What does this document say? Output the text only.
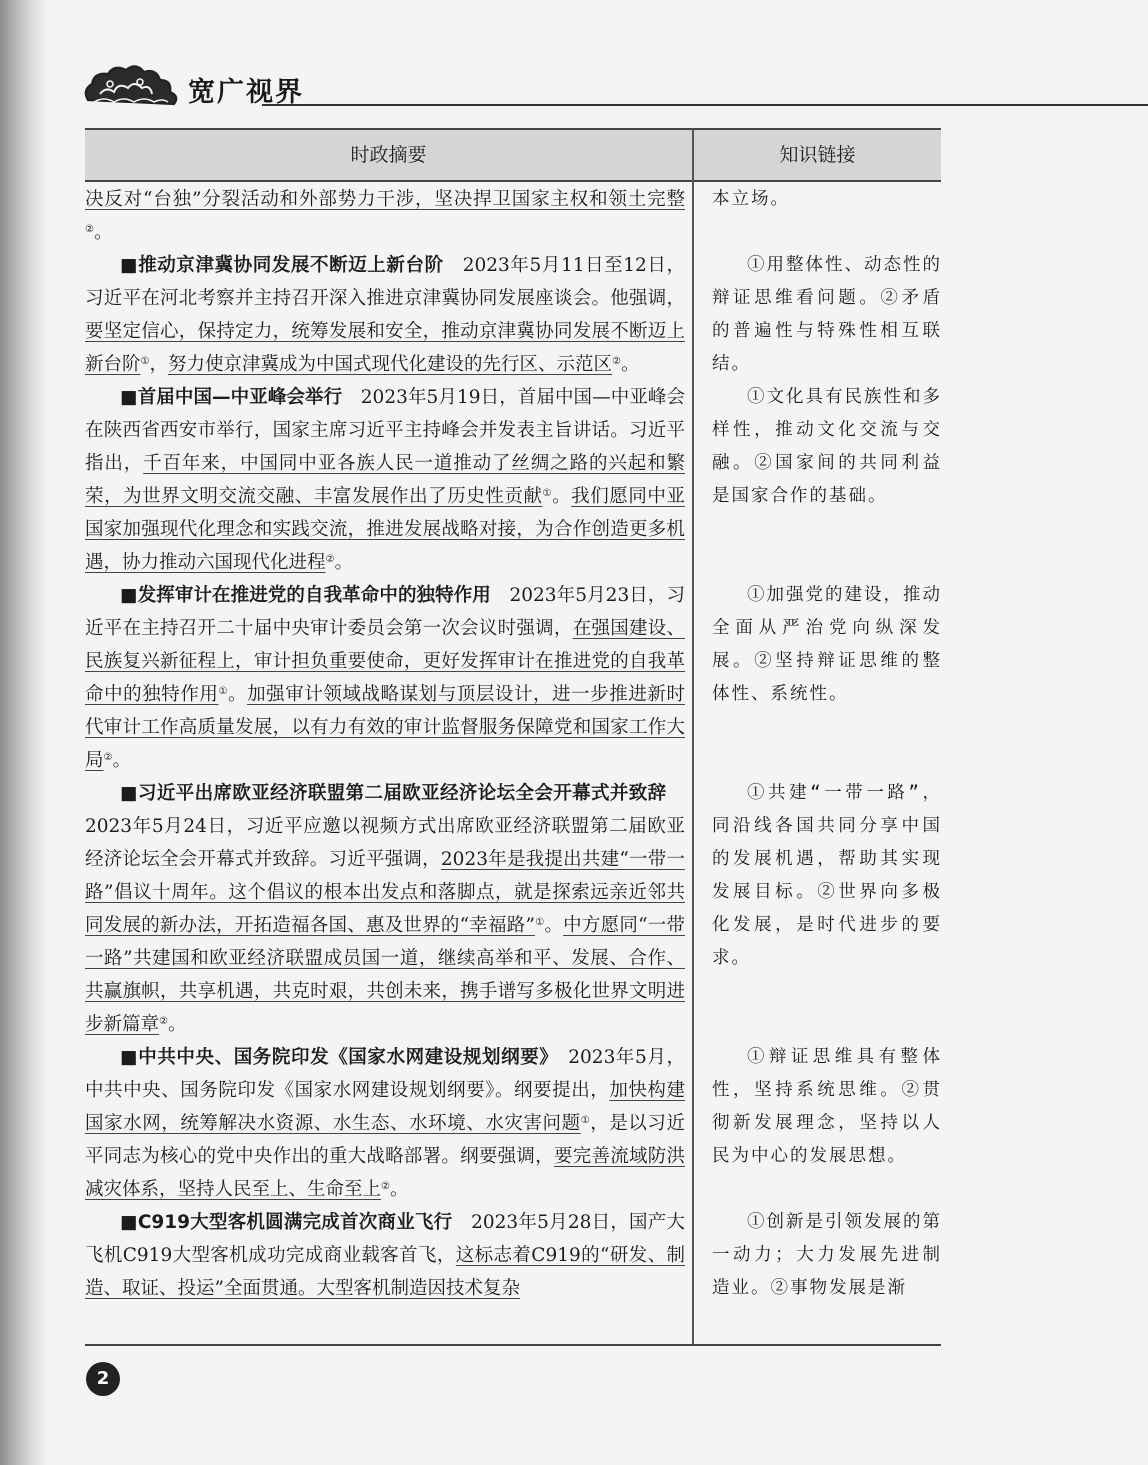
宽广视界
时政摘要	知识链接

决反对“台独”分裂活动和外部势力干涉，坚决捍卫国家主权和领土完整②。

■推动京津冀协同发展不断迈上新台阶　2023年5月11日至12日，习近平在河北考察并主持召开深入推进京津冀协同发展座谈会。他强调，要坚定信心，保持定力，统筹发展和安全，推动京津冀协同发展不断迈上新台阶①，努力使京津冀成为中国式现代化建设的先行区、示范区②。

■首届中国—中亚峰会举行　2023年5月19日，首届中国—中亚峰会在陕西省西安市举行，国家主席习近平主持峰会并发表主旨讲话。习近平指出，千百年来，中国同中亚各族人民一道推动了丝绸之路的兴起和繁荣，为世界文明交流交融、丰富发展作出了历史性贡献①。我们愿同中亚国家加强现代化理念和实践交流，推进发展战略对接，为合作创造更多机遇，协力推动六国现代化进程②。

■发挥审计在推进党的自我革命中的独特作用　2023年5月23日，习近平在主持召开二十届中央审计委员会第一次会议时强调，在强国建设、民族复兴新征程上，审计担负重要使命，更好发挥审计在推进党的自我革命中的独特作用①。加强审计领域战略谋划与顶层设计，进一步推进新时代审计工作高质量发展，以有力有效的审计监督服务保障党和国家工作大局②。

■习近平出席欧亚经济联盟第二届欧亚经济论坛全会开幕式并致辞　2023年5月24日，习近平应邀以视频方式出席欧亚经济联盟第二届欧亚经济论坛全会开幕式并致辞。习近平强调，2023年是我提出共建“一带一路”倡议十周年。这个倡议的根本出发点和落脚点，就是探索远亲近邻共同发展的新办法，开拓造福各国、惠及世界的“幸福路”①。中方愿同“一带一路”共建国和欧亚经济联盟成员国一道，继续高举和平、发展、合作、共赢旗帜，共享机遇，共克时艰，共创未来，携手谱写多极化世界文明进步新篇章②。

■中共中央、国务院印发《国家水网建设规划纲要》　2023年5月，中共中央、国务院印发《国家水网建设规划纲要》。纲要提出，加快构建国家水网，统筹解决水资源、水生态、水环境、水灾害问题①，是以习近平同志为核心的党中央作出的重大战略部署。纲要强调，要完善流域防洪减灾体系，坚持人民至上、生命至上②。

■C919大型客机圆满完成首次商业飞行　2023年5月28日，国产大飞机C919大型客机成功完成商业载客首飞，这标志着C919的“研发、制造、取证、投运”全面贯通。大型客机制造因技术复杂

本立场。
①用整体性、动态性的辩证思维看问题。②矛盾的普遍性与特殊性相互联结。
①文化具有民族性和多样性，推动文化交流与交融。②国家间的共同利益是国家合作的基础。
①加强党的建设，推动全面从严治党向纵深发展。②坚持辩证思维的整体性、系统性。
①共建“一带一路”，同沿线各国共同分享中国的发展机遇，帮助其实现发展目标。②世界向多极化发展，是时代进步的要求。
①辩证思维具有整体性，坚持系统思维。②贯彻新发展理念，坚持以人民为中心的发展思想。
①创新是引领发展的第一动力；大力发展先进制造业。②事物发展是渐
2
